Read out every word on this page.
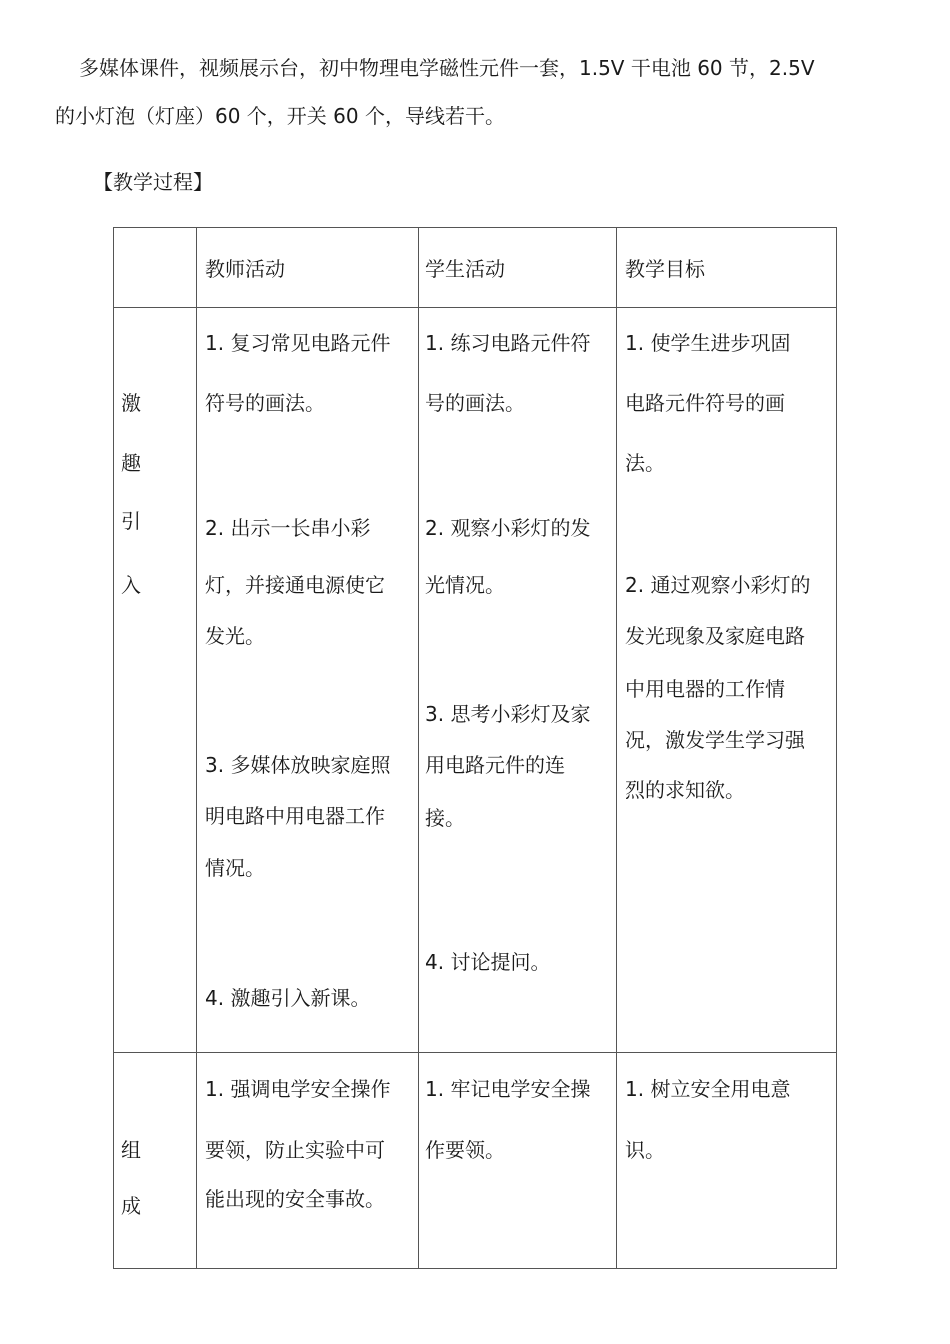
多媒体课件，视频展示台，初中物理电学磁性元件一套，1.5V 干电池 60 节，2.5V
的小灯泡（灯座）60 个，开关 60 个，导线若干。
【教学过程】
教师活动	学生活动	教学目标
激
趣
引
入
1. 复习常见电路元件
符号的画法。
2. 出示一长串小彩
灯，并接通电源使它
发光。
3. 多媒体放映家庭照
明电路中用电器工作
情况。
4. 激趣引入新课。
1. 练习电路元件符
号的画法。
2. 观察小彩灯的发
光情况。
3. 思考小彩灯及家
用电路元件的连
接。
4. 讨论提问。
1. 使学生进步巩固
电路元件符号的画
法。
2. 通过观察小彩灯的
发光现象及家庭电路
中用电器的工作情
况，激发学生学习强
烈的求知欲。
组
成
1. 强调电学安全操作
要领，防止实验中可
能出现的安全事故。
1. 牢记电学安全操
作要领。
1. 树立安全用电意
识。
